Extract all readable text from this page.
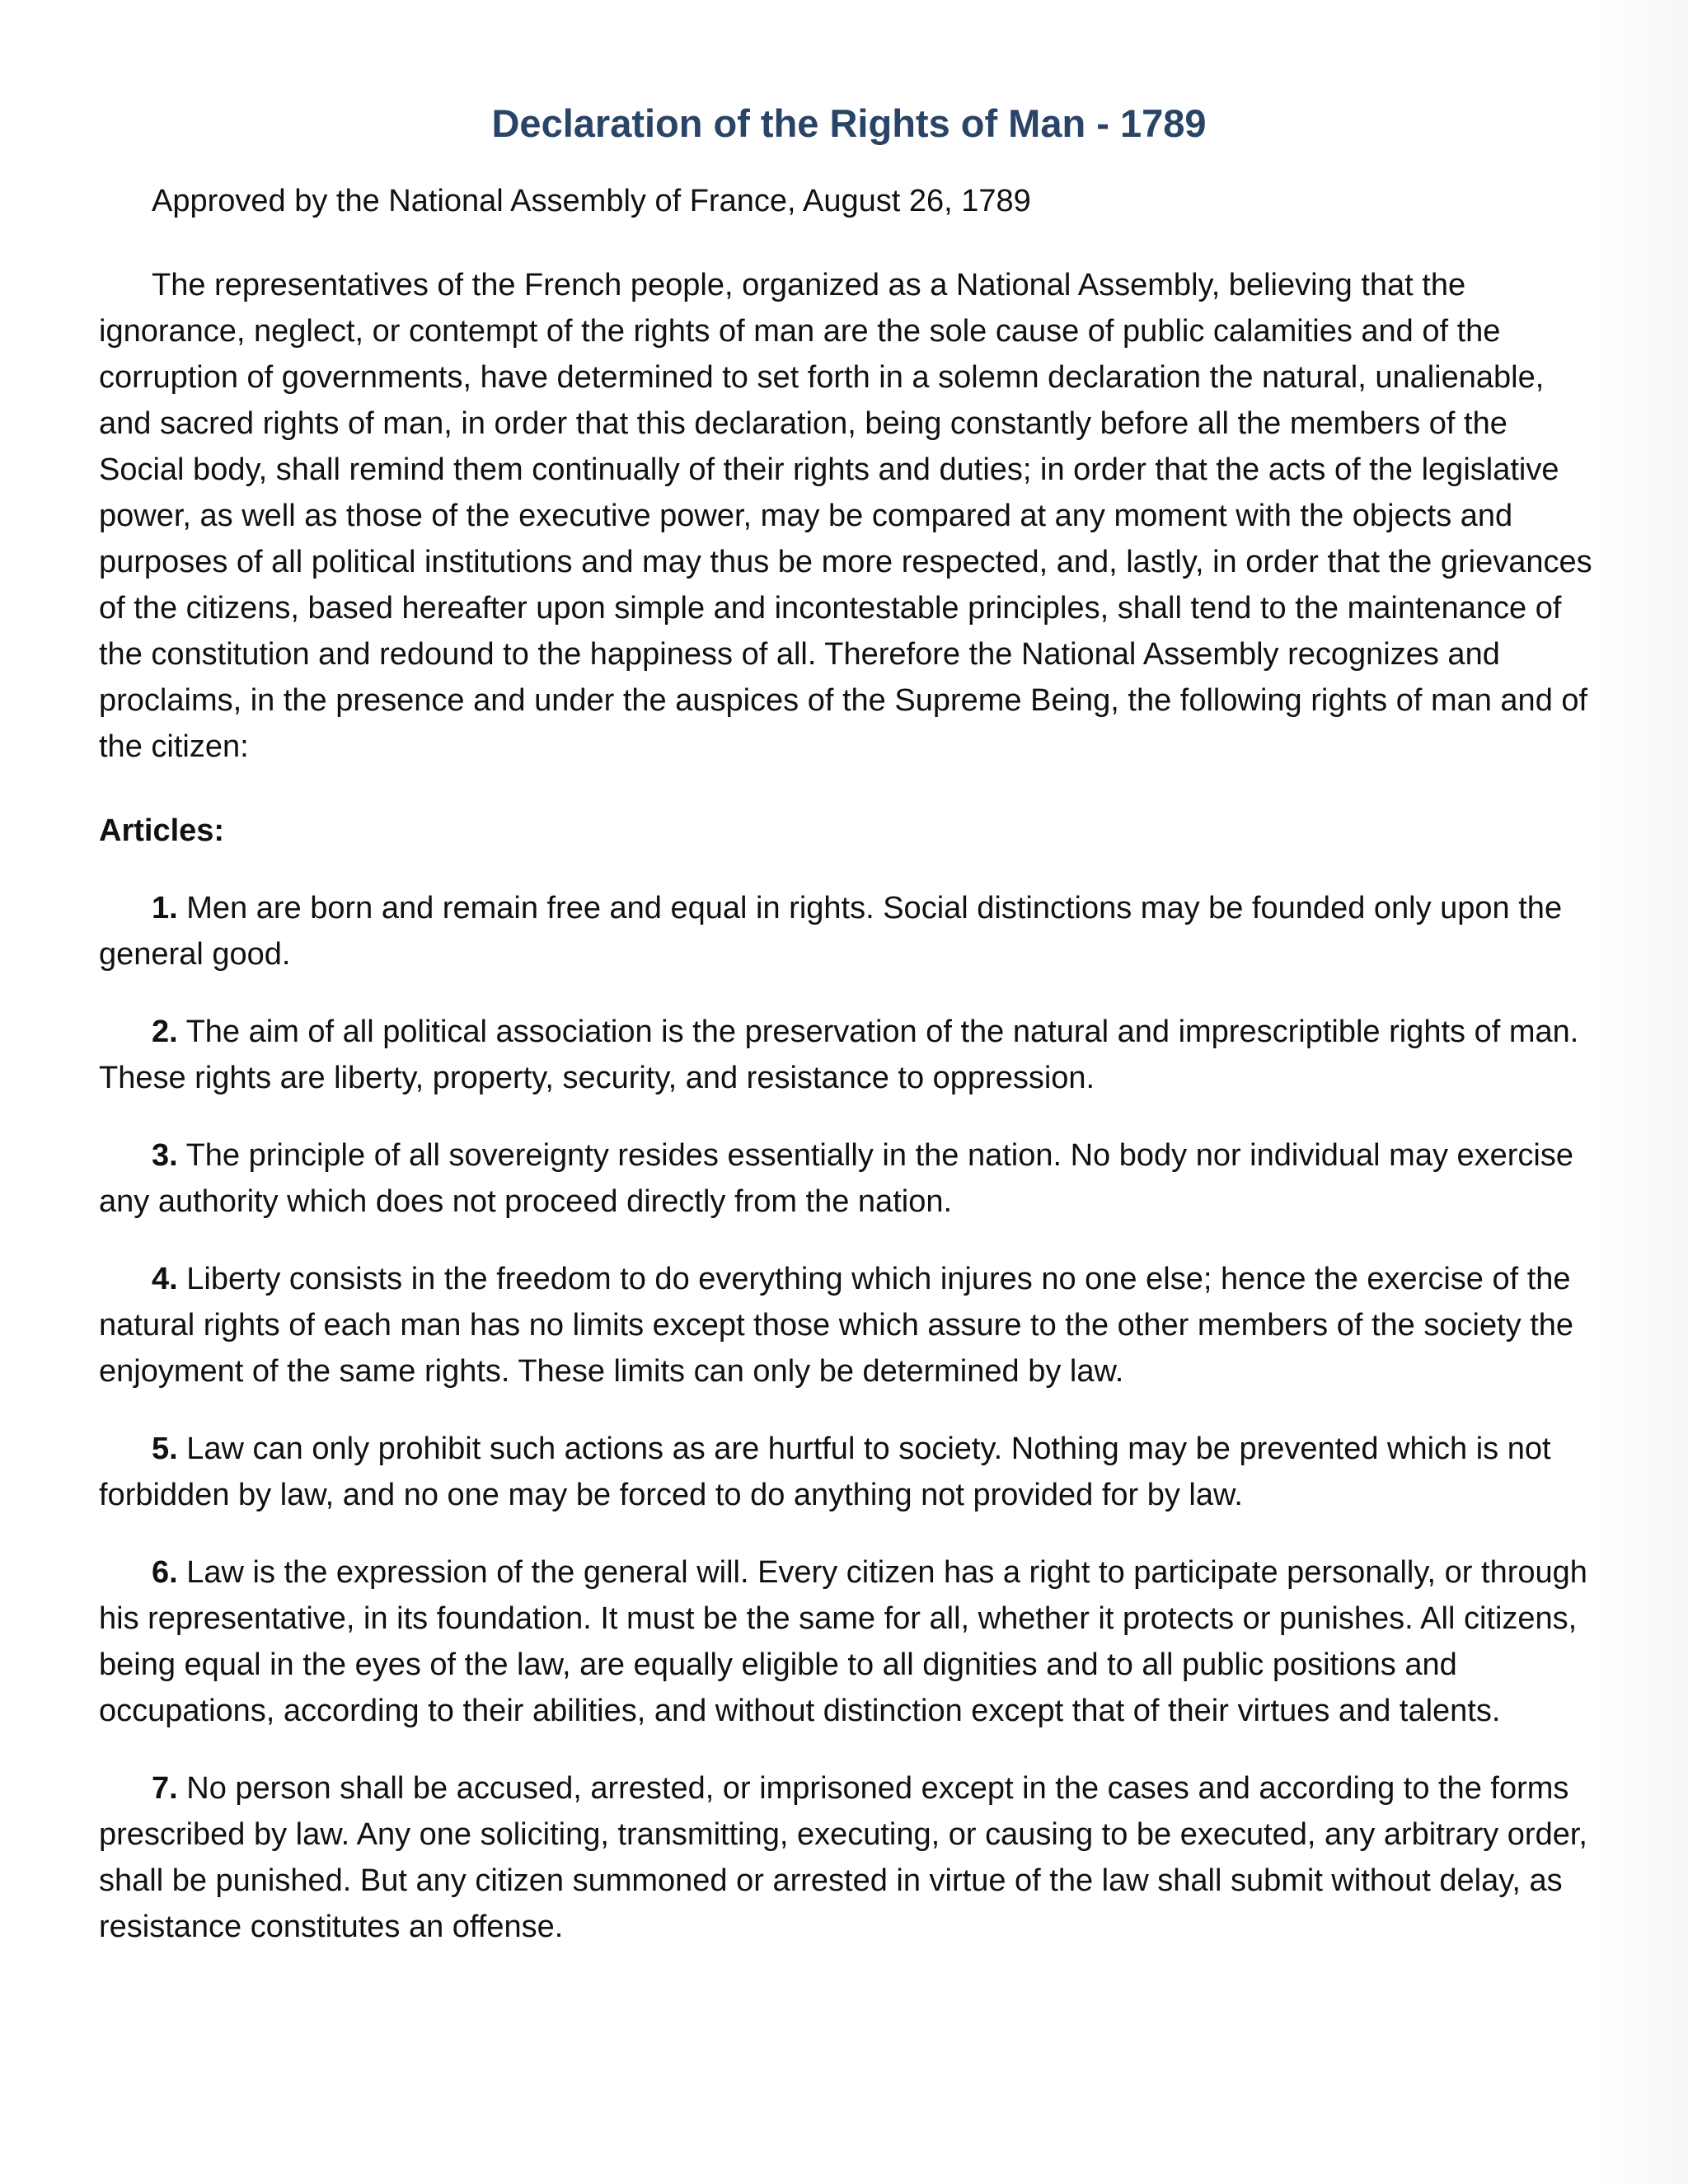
Declaration of the Rights of Man - 1789

Approved by the National Assembly of France, August 26, 1789

The representatives of the French people, organized as a National Assembly, believing that the ignorance, neglect, or contempt of the rights of man are the sole cause of public calamities and of the corruption of governments, have determined to set forth in a solemn declaration the natural, unalienable, and sacred rights of man, in order that this declaration, being constantly before all the members of the Social body, shall remind them continually of their rights and duties; in order that the acts of the legislative power, as well as those of the executive power, may be compared at any moment with the objects and purposes of all political institutions and may thus be more respected, and, lastly, in order that the grievances of the citizens, based hereafter upon simple and incontestable principles, shall tend to the maintenance of the constitution and redound to the happiness of all. Therefore the National Assembly recognizes and proclaims, in the presence and under the auspices of the Supreme Being, the following rights of man and of the citizen:

Articles:

1. Men are born and remain free and equal in rights. Social distinctions may be founded only upon the general good.

2. The aim of all political association is the preservation of the natural and imprescriptible rights of man. These rights are liberty, property, security, and resistance to oppression.

3. The principle of all sovereignty resides essentially in the nation. No body nor individual may exercise any authority which does not proceed directly from the nation.

4. Liberty consists in the freedom to do everything which injures no one else; hence the exercise of the natural rights of each man has no limits except those which assure to the other members of the society the enjoyment of the same rights. These limits can only be determined by law.

5. Law can only prohibit such actions as are hurtful to society. Nothing may be prevented which is not forbidden by law, and no one may be forced to do anything not provided for by law.

6. Law is the expression of the general will. Every citizen has a right to participate personally, or through his representative, in its foundation. It must be the same for all, whether it protects or punishes. All citizens, being equal in the eyes of the law, are equally eligible to all dignities and to all public positions and occupations, according to their abilities, and without distinction except that of their virtues and talents.

7. No person shall be accused, arrested, or imprisoned except in the cases and according to the forms prescribed by law. Any one soliciting, transmitting, executing, or causing to be executed, any arbitrary order, shall be punished. But any citizen summoned or arrested in virtue of the law shall submit without delay, as resistance constitutes an offense.
